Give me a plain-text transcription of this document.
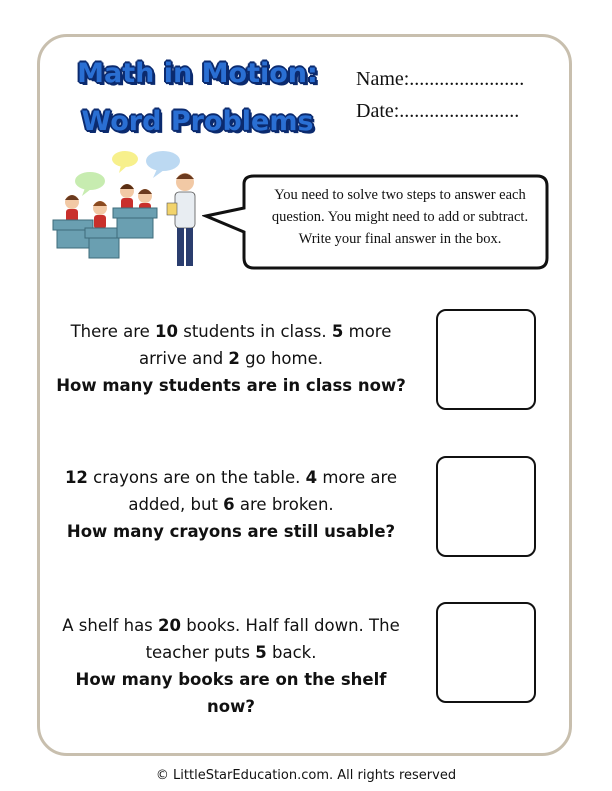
Math in Motion:
Word Problems
Name:.......................
Date:........................
You need to solve two steps to answer each
question. You might need to add or subtract.
Write your final answer in the box.
There are 10 students in class. 5 more
arrive and 2 go home.
How many students are in class now?
12 crayons are on the table. 4 more are
added, but 6 are broken.
How many crayons are still usable?
A shelf has 20 books. Half fall down. The
teacher puts 5 back.
How many books are on the shelf now?
© LittleStarEducation.com. All rights reserved
